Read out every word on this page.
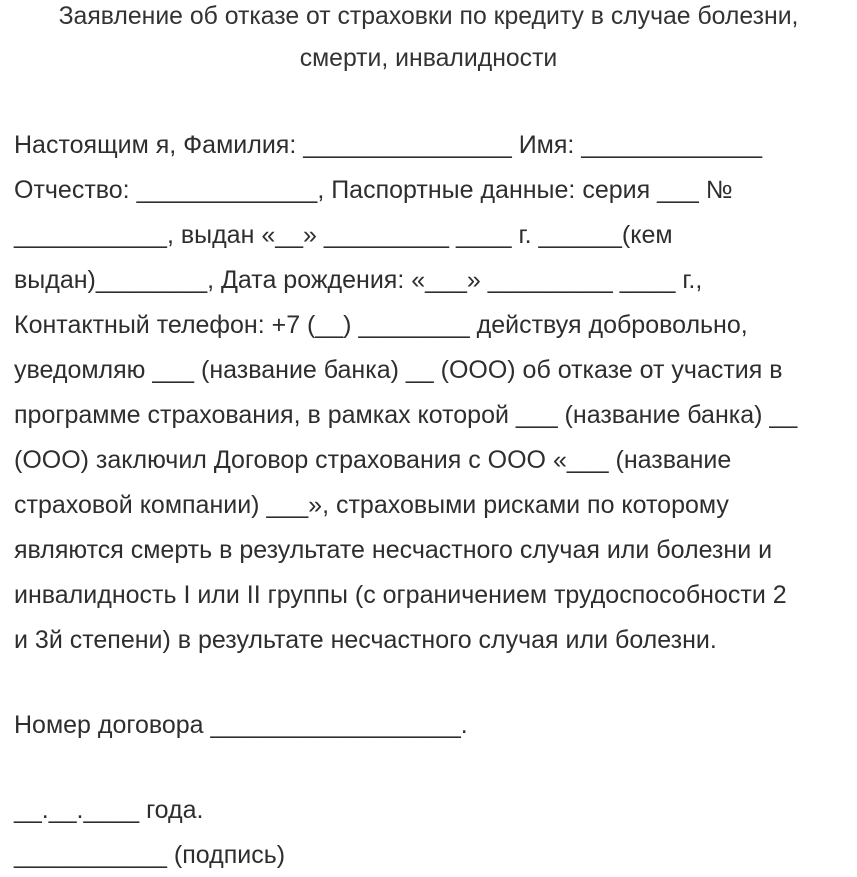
Заявление об отказе от страховки по кредиту в случае болезни,
смерти, инвалидности
Настоящим я, Фамилия: _______________ Имя: _____________
Отчество: _____________, Паспортные данные: серия ___ №
___________, выдан «__» _________ ____ г. ______(кем
выдан)________, Дата рождения: «___» _________ ____ г.,
Контактный телефон: +7 (__) ________ действуя добровольно,
уведомляю ___ (название банка) __ (ООО) об отказе от участия в
программе страхования, в рамках которой ___ (название банка) __
(ООО) заключил Договор страхования с ООО «___ (название
страховой компании) ___», страховыми рисками по которому
являются смерть в результате несчастного случая или болезни и
инвалидность I или II группы (с ограничением трудоспособности 2
и 3й степени) в результате несчастного случая или болезни.
Номер договора __________________.
__.__.____ года.
___________ (подпись)
